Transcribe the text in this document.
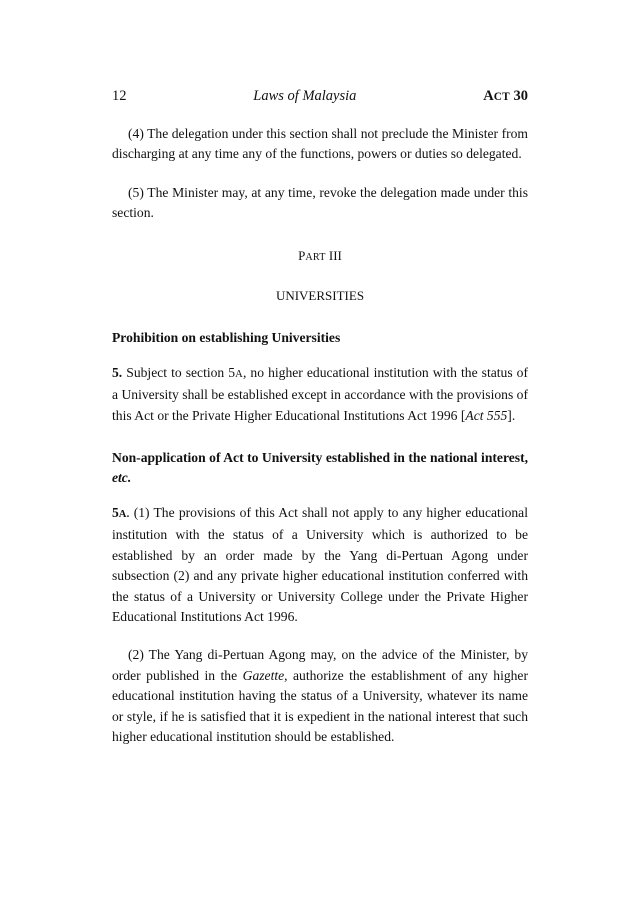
12	Laws of Malaysia	ACT 30

(4) The delegation under this section shall not preclude the Minister from discharging at any time any of the functions, powers or duties so delegated.

(5) The Minister may, at any time, revoke the delegation made under this section.

PART III

UNIVERSITIES

Prohibition on establishing Universities

5. Subject to section 5A, no higher educational institution with the status of a University shall be established except in accordance with the provisions of this Act or the Private Higher Educational Institutions Act 1996 [Act 555].

Non-application of Act to University established in the national interest, etc.

5A. (1) The provisions of this Act shall not apply to any higher educational institution with the status of a University which is authorized to be established by an order made by the Yang di-Pertuan Agong under subsection (2) and any private higher educational institution conferred with the status of a University or University College under the Private Higher Educational Institutions Act 1996.

(2) The Yang di-Pertuan Agong may, on the advice of the Minister, by order published in the Gazette, authorize the establishment of any higher educational institution having the status of a University, whatever its name or style, if he is satisfied that it is expedient in the national interest that such higher educational institution should be established.
